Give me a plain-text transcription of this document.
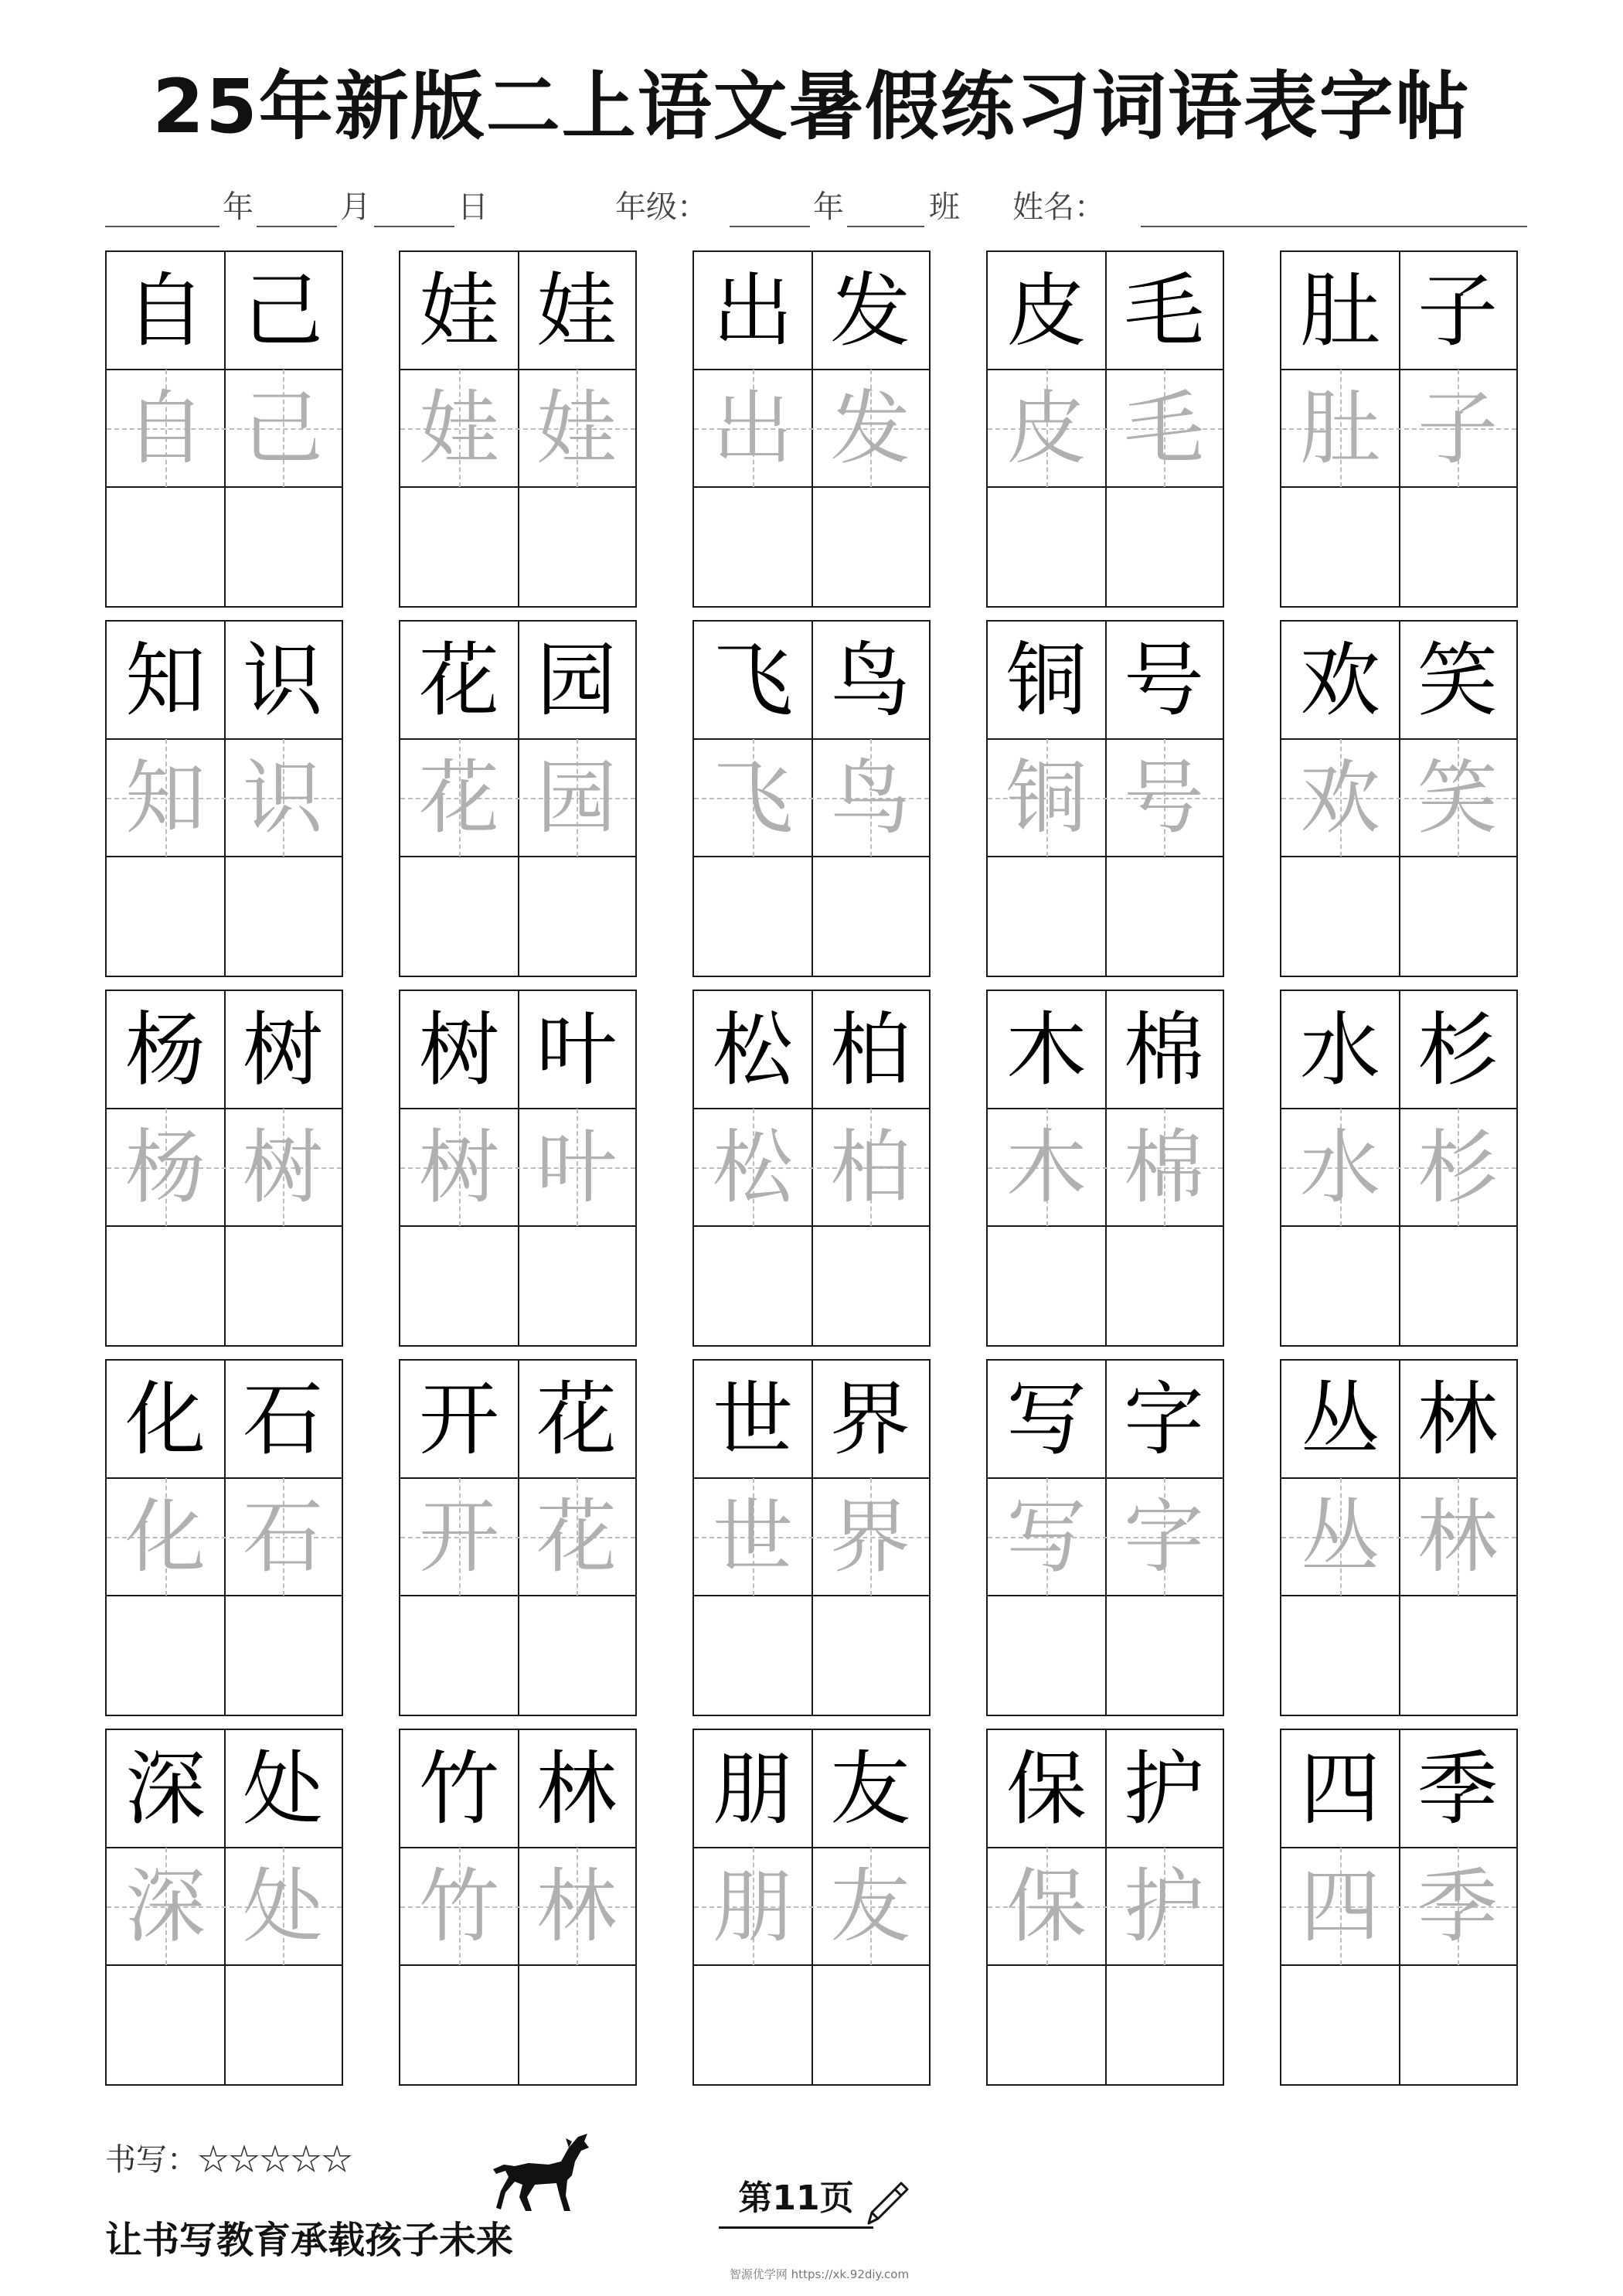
25年新版二上语文暑假练习词语表字帖
年	月	日	年级：	年	班 姓名：
自
自
己
己
娃
娃
娃
娃
出
出
发
发
皮
皮
毛
毛
肚
肚
子
子
知
知
识
识
花
花
园
园
飞
飞
鸟
鸟
铜
铜
号
号
欢
欢
笑
笑
杨
杨
树
树
树
树
叶
叶
松
松
柏
柏
木
木
棉
棉
水
水
杉
杉
化
化
石
石
开
开
花
花
世
世
界
界
写
写
字
字
丛
丛
林
林
深
深
处
处
竹
竹
林
林
朋
朋
友
友
保
保
护
护
四
四
季
季
书写：☆☆☆☆☆
第11页
让书写教育承载孩子未来
智源优学网 https://xk.92diy.com
